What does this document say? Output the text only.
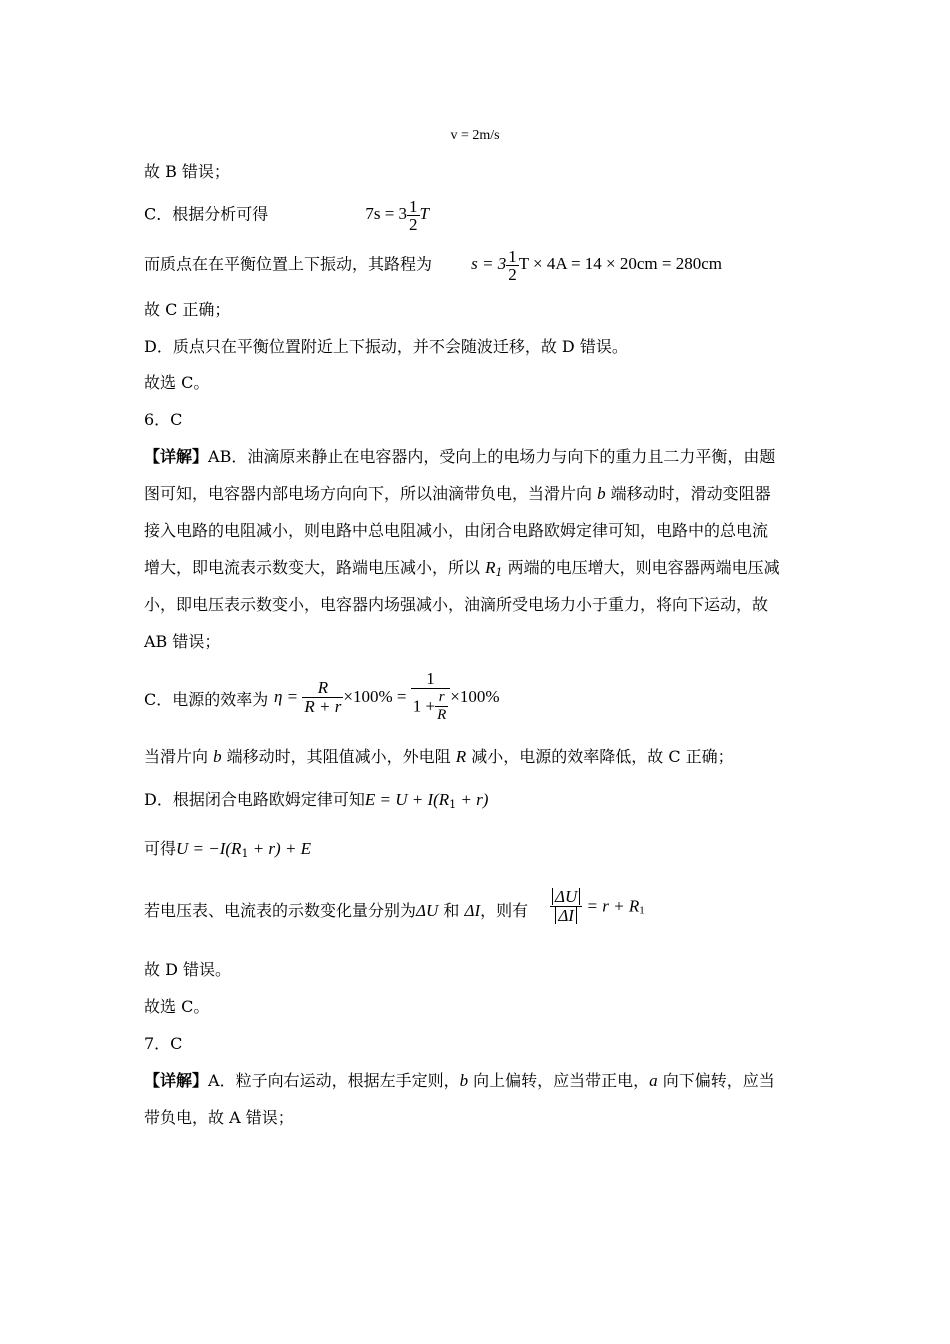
v = 2m/s
故 B 错误；
C．根据分析可得	$7s = 3 \frac{1}{2}$ T
而质点在在平衡位置上下振动，其路程为 $s = 3 \frac{1}{2}$ T × 4A = 14 × 20cm = 280cm
故 C 正确；
D．质点只在平衡位置附近上下振动，并不会随波迁移，故 D 错误。
故选 C。
6．C
【详解】AB．油滴原来静止在电容器内，受向上的电场力与向下的重力且二力平衡，由题
图可知，电容器内部电场方向向下，所以油滴带负电，当滑片向 b 端移动时，滑动变阻器
接入电路的电阻减小，则电路中总电阻减小，由闭合电路欧姆定律可知，电路中的总电流
增大，即电流表示数变大，路端电压减小，所以 $R_1$ 两端的电压增大，则电容器两端电压减
小，即电压表示数变小，电容器内场强减小，油滴所受电场力小于重力，将向下运动，故
AB 错误；
C．电源的效率为 $\eta = \frac{R}{R + r} \times 100\% = \frac{1}{1 + \frac{r}{R}} \times 100\%$
当滑片向 b 端移动时，其阻值减小，外电阻 R 减小，电源的效率降低，故 C 正确；
D．根据闭合电路欧姆定律可知$E = U + I(R_1 + r)$
可得$U = -I(R_1 + r) + E$
若电压表、电流表的示数变化量分别为ΔU 和 ΔI，则有 $\frac{\Delta U}{\Delta I} = r + R_1$
故 D 错误。
故选 C。
7．C
【详解】A．粒子向右运动，根据左手定则，b 向上偏转，应当带正电，a 向下偏转，应当
带负电，故 A 错误；
